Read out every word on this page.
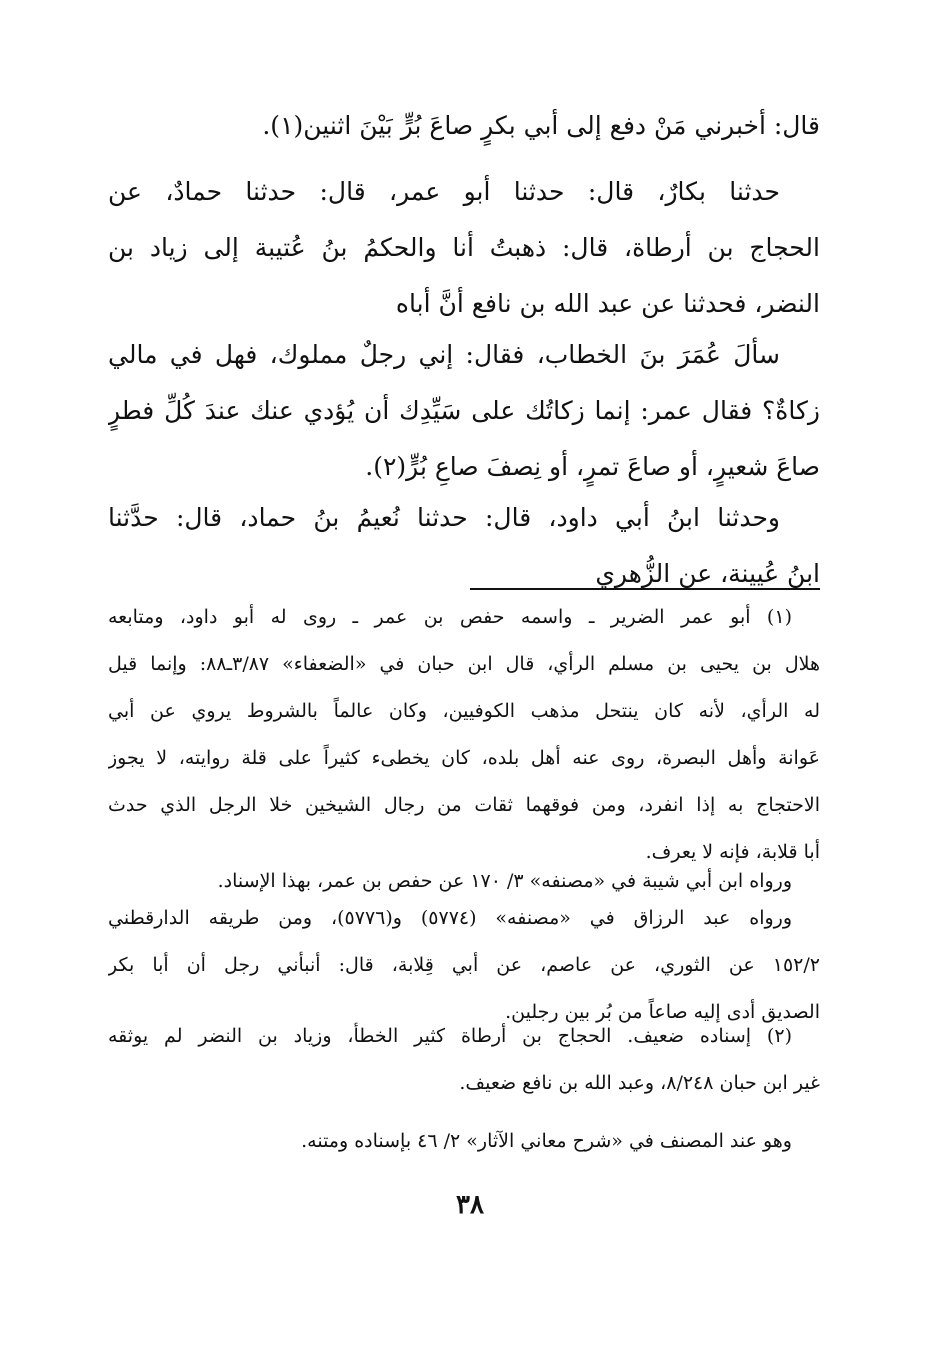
قال: أخبرني مَنْ دفع إلى أبي بكرٍ صاعَ بُرٍّ بَيْنَ اثنين(١).
حدثنا بكارٌ، قال: حدثنا أبو عمر، قال: حدثنا حمادٌ، عن
الحجاج بن أرطاة، قال: ذهبتُ أنا والحكمُ بنُ عُتيبة إلى زياد بن
النضر، فحدثنا عن عبد الله بن نافع أنَّ أباه
سألَ عُمَرَ بنَ الخطاب، فقال: إني رجلٌ مملوك، فهل في مالي
زكاةٌ؟ فقال عمر: إنما زكاتُك على سَيِّدِك أن يُؤدي عنك عندَ كُلِّ فطرٍ
صاعَ شعيرٍ، أو صاعَ تمرٍ، أو نِصفَ صاعِ بُرٍّ(٢).
وحدثنا ابنُ أبي داود، قال: حدثنا نُعيمُ بنُ حماد، قال: حدَّثنا
ابنُ عُيينة، عن الزُّهري
(١) أبو عمر الضرير ـ واسمه حفص بن عمر ـ روى له أبو داود، ومتابعه
هلال بن يحيى بن مسلم الرأي، قال ابن حبان في «الضعفاء» ٣/٨٧ـ٨٨: وإنما قيل
له الرأي، لأنه كان ينتحل مذهب الكوفيين، وكان عالماً بالشروط يروي عن أبي
عَوانة وأهل البصرة، روى عنه أهل بلده، كان يخطىء كثيراً على قلة روايته، لا يجوز
الاحتجاج به إذا انفرد، ومن فوقهما ثقات من رجال الشيخين خلا الرجل الذي حدث
أبا قلابة، فإنه لا يعرف.
ورواه ابن أبي شيبة في «مصنفه» ٣/ ١٧٠ عن حفص بن عمر، بهذا الإسناد.
ورواه عبد الرزاق في «مصنفه» (٥٧٧٤) و(٥٧٧٦)، ومن طريقه الدارقطني
١٥٢/٢ عن الثوري، عن عاصم، عن أبي قِلابة، قال: أنبأني رجل أن أبا بكر
الصديق أدى إليه صاعاً من بُر بين رجلين.
(٢) إسناده ضعيف. الحجاج بن أرطاة كثير الخطأ، وزياد بن النضر لم يوثقه
غير ابن حبان ٨/٢٤٨، وعبد الله بن نافع ضعيف.
وهو عند المصنف في «شرح معاني الآثار» ٢/ ٤٦ بإسناده ومتنه.
٣٨
